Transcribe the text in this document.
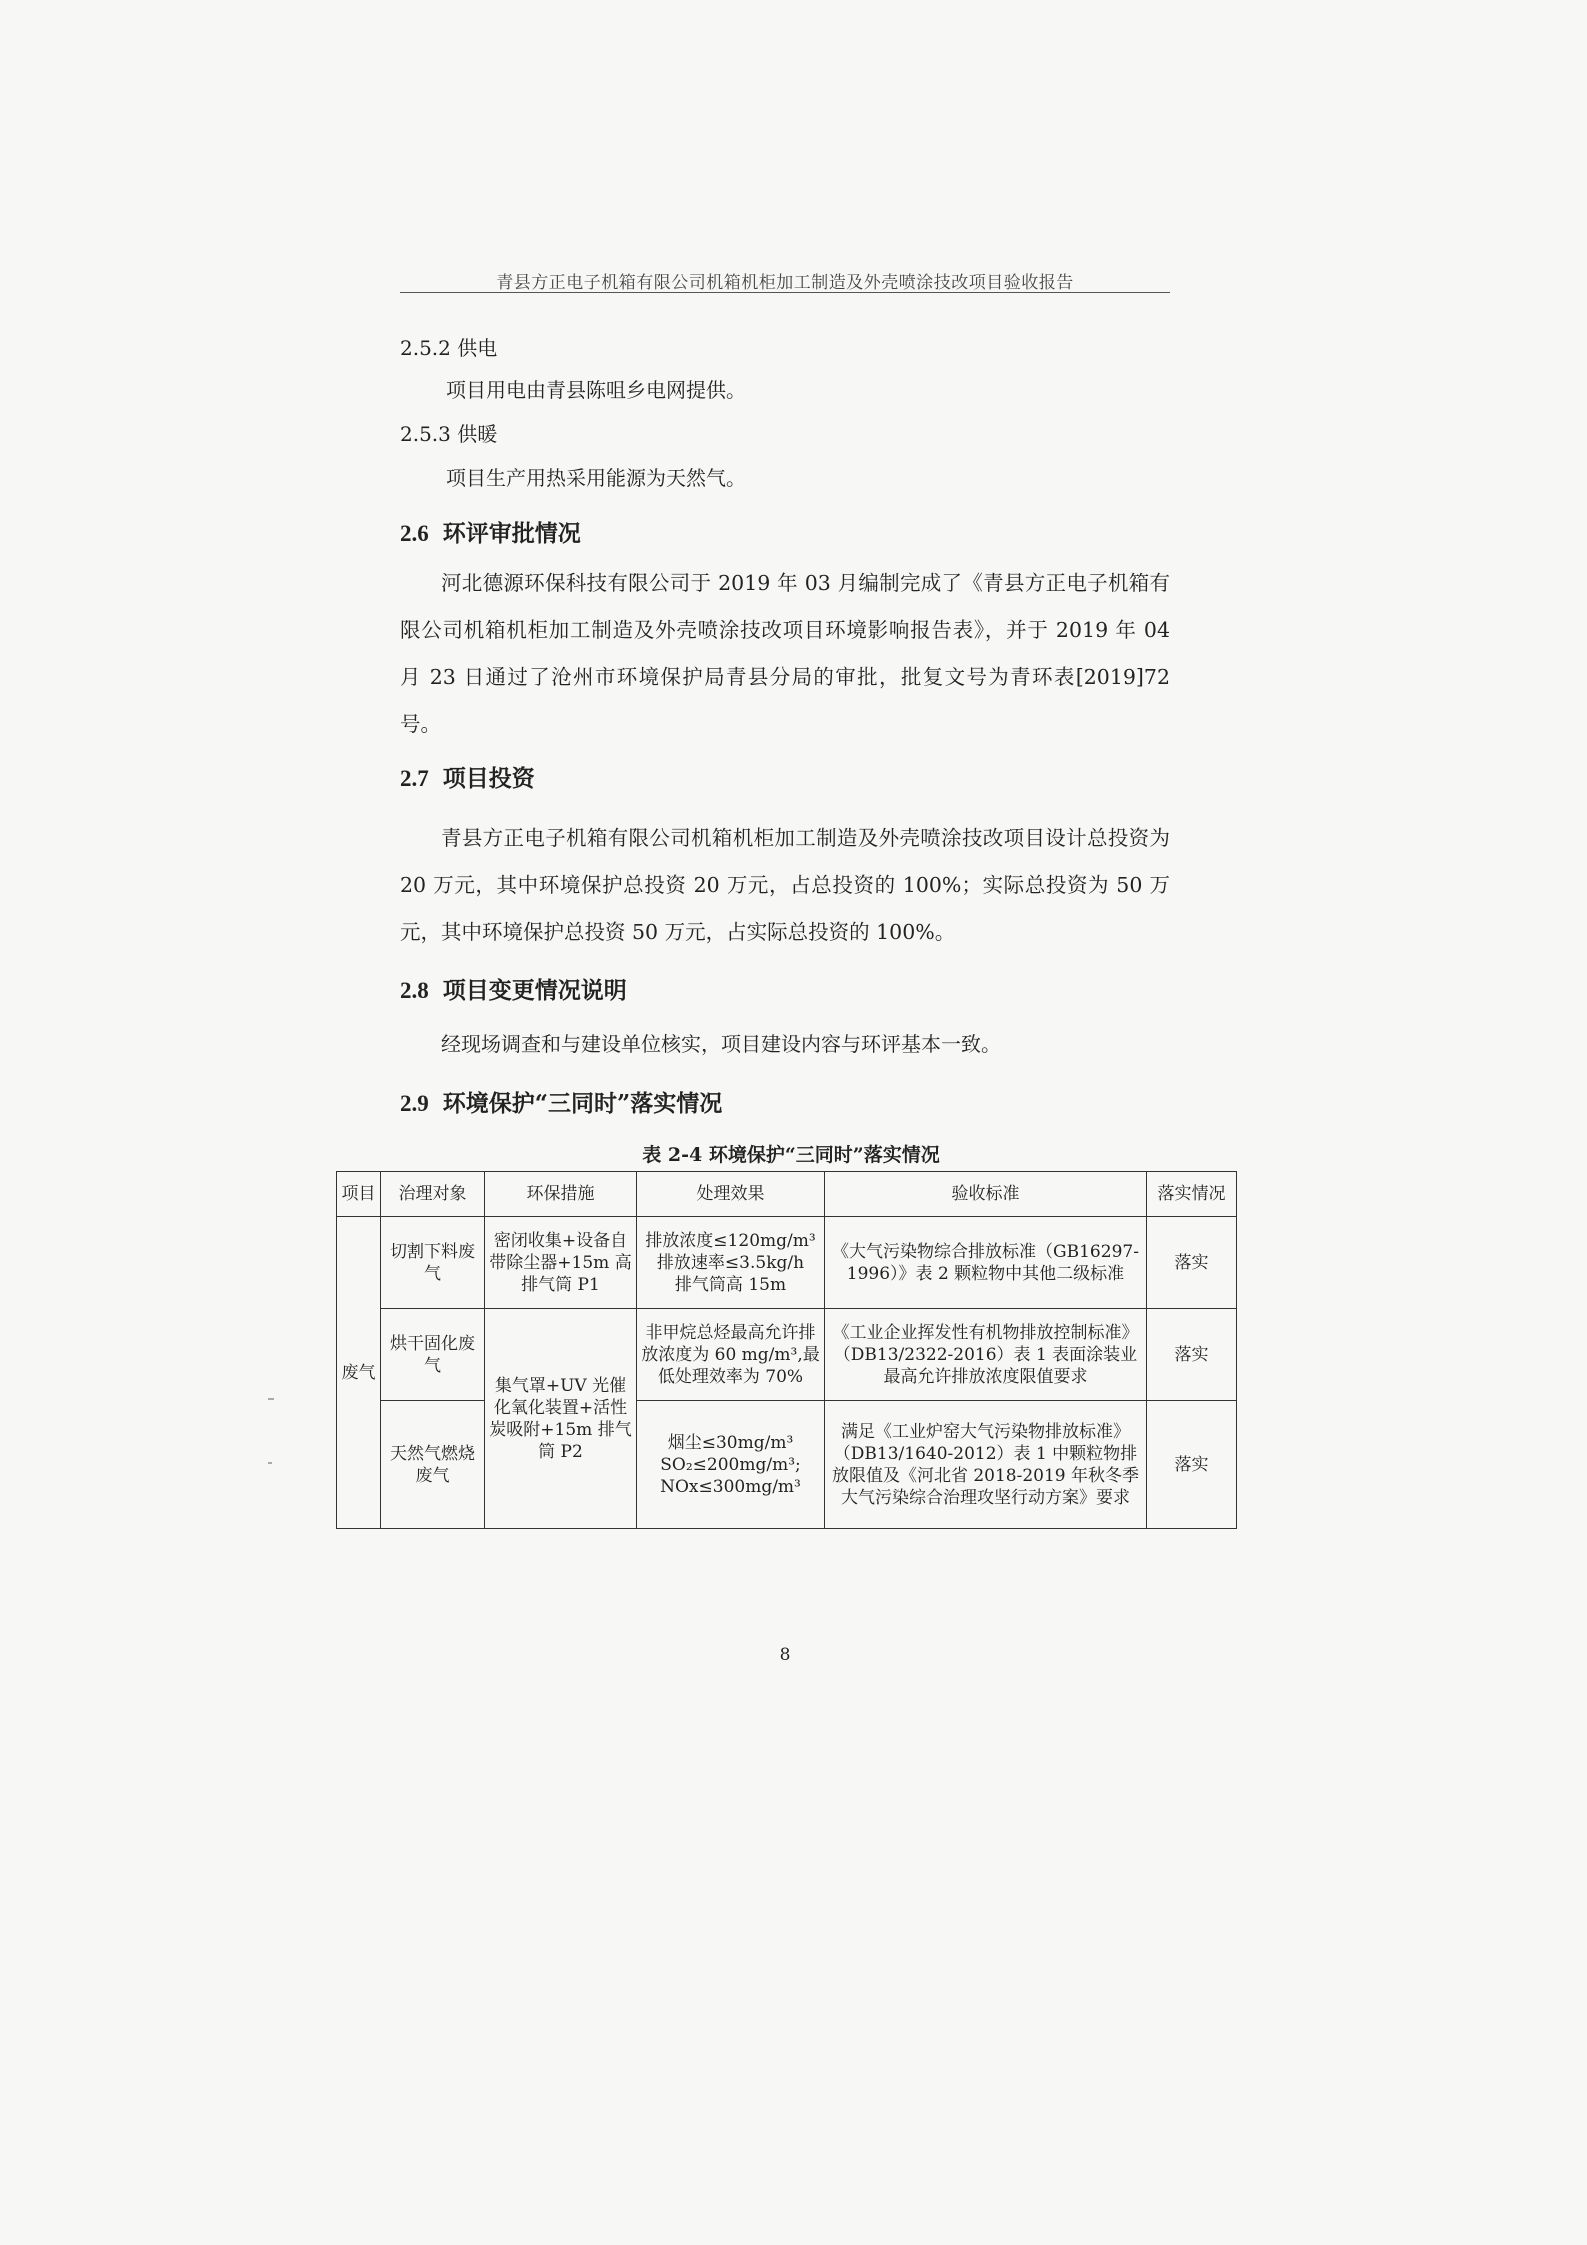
青县方正电子机箱有限公司机箱机柜加工制造及外壳喷涂技改项目验收报告
2.5.2 供电
项目用电由青县陈咀乡电网提供。
2.5.3 供暖
项目生产用热采用能源为天然气。
2.6 环评审批情况

河北德源环保科技有限公司于 2019 年 03 月编制完成了《青县方正电子机箱有限公司机箱机柜加工制造及外壳喷涂技改项目环境影响报告表》，并于 2019 年 04 月 23 日通过了沧州市环境保护局青县分局的审批，批复文号为青环表[2019]72 号。

2.7 项目投资

青县方正电子机箱有限公司机箱机柜加工制造及外壳喷涂技改项目设计总投资为 20 万元，其中环境保护总投资 20 万元，占总投资的 100%；实际总投资为 50 万元，其中环境保护总投资 50 万元，占实际总投资的 100%。

2.8 项目变更情况说明
经现场调查和与建设单位核实，项目建设内容与环评基本一致。
2.9 环境保护“三同时”落实情况
表 2-4 环境保护“三同时”落实情况
项目	治理对象	环保措施	处理效果	验收标准	落实情况
废气	切割下料废气	密闭收集+设备自带除尘器+15m 高排气筒 P1	排放浓度≤120mg/m³
排放速率≤3.5kg/h
排气筒高 15m	《大气污染物综合排放标准（GB16297-1996）》表 2 颗粒物中其他二级标准	落实
	烘干固化废气	集气罩+UV 光催化氧化装置+活性炭吸附+15m 排气筒 P2	非甲烷总烃最高允许排放浓度为 60 mg/m³,最低处理效率为 70%	《工业企业挥发性有机物排放控制标准》（DB13/2322-2016）表 1 表面涂装业最高允许排放浓度限值要求	落实
	天然气燃烧废气		烟尘≤30mg/m³
SO₂≤200mg/m³;
NOx≤300mg/m³	满足《工业炉窑大气污染物排放标准》（DB13/1640-2012）表 1 中颗粒物排放限值及《河北省 2018-2019 年秋冬季大气污染综合治理攻坚行动方案》要求	落实
8
